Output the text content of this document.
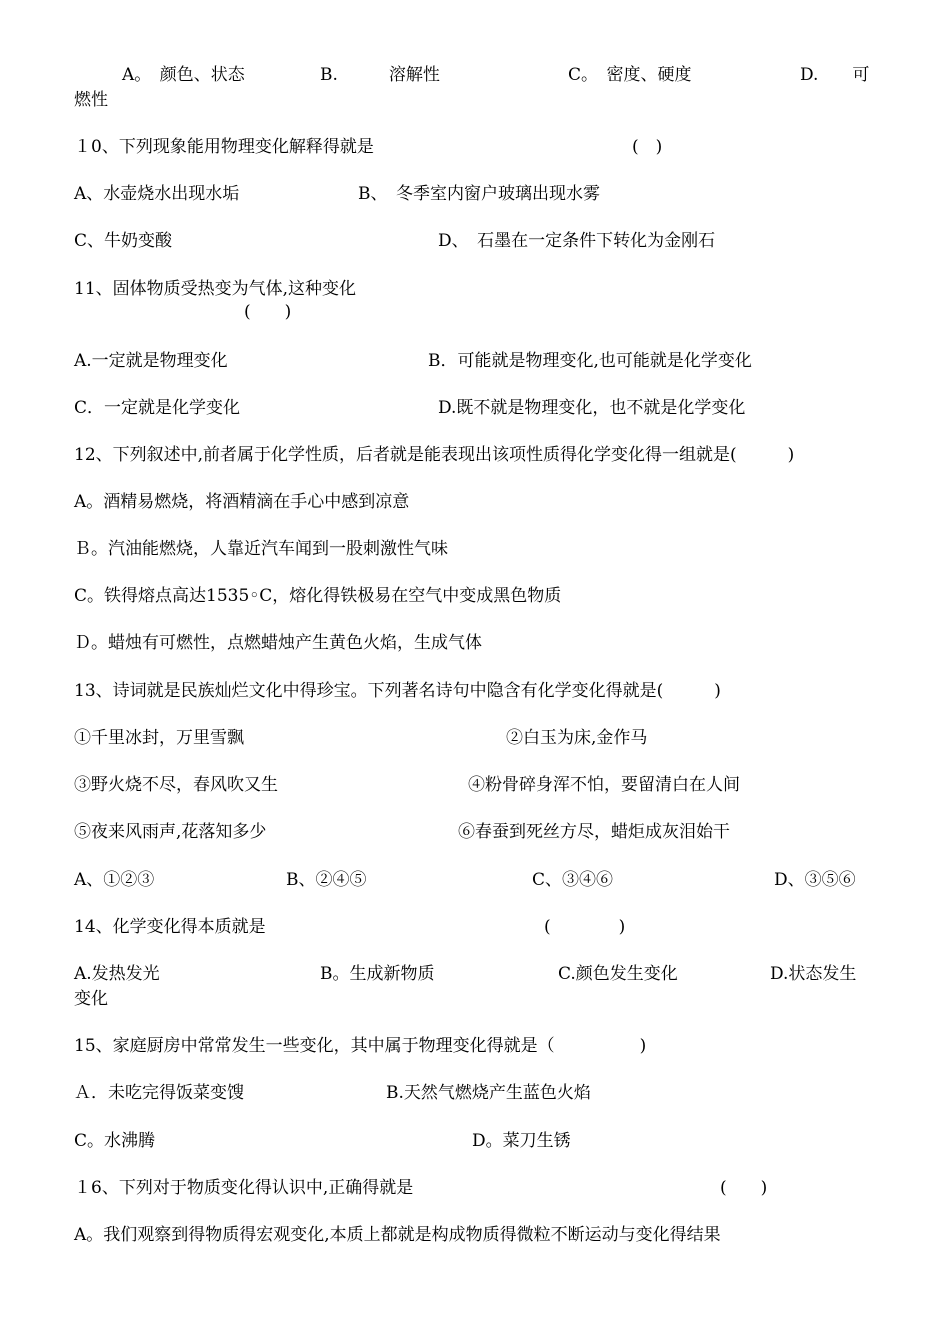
A。　颜色、状态	B.　　　溶解性	C。　密度、硬度	D.　　可
燃性
１0、下列现象能用物理变化解释得就是	(　)
A、水壶烧水出现水垢	B、　冬季室内窗户玻璃出现水雾
C、牛奶变酸	D、　石墨在一定条件下转化为金刚石
11、固体物质受热变为气体,这种变化
(　　)
A.一定就是物理变化	B．可能就是物理变化,也可能就是化学变化
C．一定就是化学变化	D.既不就是物理变化，也不就是化学变化
12、下列叙述中,前者属于化学性质，后者就是能表现出该项性质得化学变化得一组就是(　　　)
A。酒精易燃烧，将酒精滴在手心中感到凉意
Ｂ。汽油能燃烧，人靠近汽车闻到一股刺激性气味
C。铁得熔点高达1535◦C，熔化得铁极易在空气中变成黑色物质
Ｄ。蜡烛有可燃性，点燃蜡烛产生黄色火焰，生成气体
13、诗词就是民族灿烂文化中得珍宝。下列著名诗句中隐含有化学变化得就是(　　　)
①千里冰封，万里雪飘	②白玉为床,金作马
③野火烧不尽，春风吹又生	④粉骨碎身浑不怕，要留清白在人间
⑤夜来风雨声,花落知多少	⑥春蚕到死丝方尽，蜡炬成灰泪始干
A、①②③	B、②④⑤	C、③④⑥	D、③⑤⑥
14、化学变化得本质就是	(　　　　)
A.发热发光	B。生成新物质	C.颜色发生变化	D.状态发生
变化
15、家庭厨房中常常发生一些变化，其中属于物理变化得就是（　　　　　)
Ａ．未吃完得饭菜变馊	B.天然气燃烧产生蓝色火焰
C。水沸腾	D。菜刀生锈
１6、下列对于物质变化得认识中,正确得就是	(　　)
A。我们观察到得物质得宏观变化,本质上都就是构成物质得微粒不断运动与变化得结果
